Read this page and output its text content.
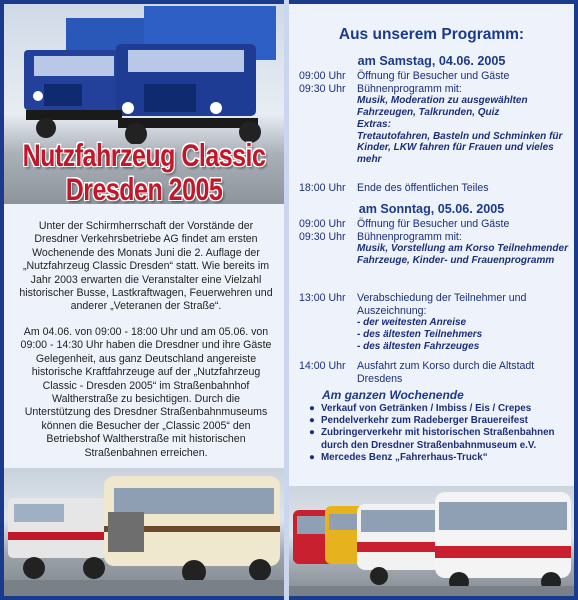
Nutzfahrzeug Classic
Dresden 2005
Unter der Schirmherrschaft der Vorstände der Dresdner Verkehrsbetriebe AG findet am ersten Wochenende des Monats Juni die 2. Auflage der „Nutzfahrzeug Classic Dresden“ statt. Wie bereits im Jahr 2003 erwarten die Veranstalter eine Vielzahl historischer Busse, Lastkraftwagen, Feuerwehren und anderer „Veteranen der Straße“.
Am 04.06. von 09:00 - 18:00 Uhr und am 05.06. von 09:00 - 14:30 Uhr haben die Dresdner und ihre Gäste Gelegenheit, aus ganz Deutschland angereiste historische Kraftfahrzeuge auf der „Nutzfahrzeug Classic - Dresden 2005“ im Straßenbahnhof Waltherstraße zu besichtigen. Durch die Unterstützung des Dresdner Straßenbahnmuseums können die Besucher der „Classic 2005“ den Betriebshof Waltherstraße mit historischen Straßenbahnen erreichen.
Aus unserem Programm:
am Samstag, 04.06. 2005
09:00 Uhr	Öffnung für Besucher und Gäste
09:30 Uhr	Bühnenprogramm mit:
Musik, Moderation zu ausgewählten Fahrzeugen, Talkrunden, Quiz
Extras:
Tretautofahren, Basteln und Schminken für Kinder, LKW fahren für Frauen und vieles mehr
18:00 Uhr	Ende des öffentlichen Teiles
am Sonntag, 05.06. 2005
09:00 Uhr	Öffnung für Besucher und Gäste
09:30 Uhr	Bühnenprogramm mit:
Musik, Vorstellung am Korso Teilnehmender Fahrzeuge, Kinder- und Frauenprogramm
13:00 Uhr	Verabschiedung der Teilnehmer und Auszeichnung:
- der weitesten Anreise
- des ältesten Teilnehmers
- des ältesten Fahrzeuges
14:00 Uhr	Ausfahrt zum Korso durch die Altstadt Dresdens
Am ganzen Wochenende
● Verkauf von Getränken / Imbiss / Eis / Crepes
● Pendelverkehr zum Radeberger Brauereifest
● Zubringerverkehr mit historischen Straßenbahnen durch den Dresdner Straßenbahnmuseum e.V.
● Mercedes Benz „Fahrerhaus-Truck“
